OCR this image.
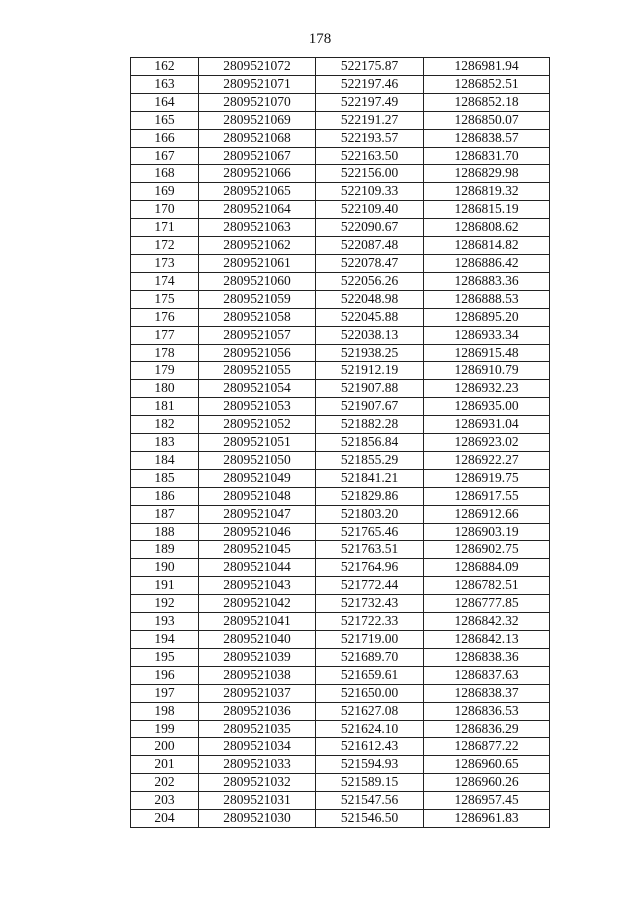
178
162	2809521072	522175.87	1286981.94
163	2809521071	522197.46	1286852.51
164	2809521070	522197.49	1286852.18
165	2809521069	522191.27	1286850.07
166	2809521068	522193.57	1286838.57
167	2809521067	522163.50	1286831.70
168	2809521066	522156.00	1286829.98
169	2809521065	522109.33	1286819.32
170	2809521064	522109.40	1286815.19
171	2809521063	522090.67	1286808.62
172	2809521062	522087.48	1286814.82
173	2809521061	522078.47	1286886.42
174	2809521060	522056.26	1286883.36
175	2809521059	522048.98	1286888.53
176	2809521058	522045.88	1286895.20
177	2809521057	522038.13	1286933.34
178	2809521056	521938.25	1286915.48
179	2809521055	521912.19	1286910.79
180	2809521054	521907.88	1286932.23
181	2809521053	521907.67	1286935.00
182	2809521052	521882.28	1286931.04
183	2809521051	521856.84	1286923.02
184	2809521050	521855.29	1286922.27
185	2809521049	521841.21	1286919.75
186	2809521048	521829.86	1286917.55
187	2809521047	521803.20	1286912.66
188	2809521046	521765.46	1286903.19
189	2809521045	521763.51	1286902.75
190	2809521044	521764.96	1286884.09
191	2809521043	521772.44	1286782.51
192	2809521042	521732.43	1286777.85
193	2809521041	521722.33	1286842.32
194	2809521040	521719.00	1286842.13
195	2809521039	521689.70	1286838.36
196	2809521038	521659.61	1286837.63
197	2809521037	521650.00	1286838.37
198	2809521036	521627.08	1286836.53
199	2809521035	521624.10	1286836.29
200	2809521034	521612.43	1286877.22
201	2809521033	521594.93	1286960.65
202	2809521032	521589.15	1286960.26
203	2809521031	521547.56	1286957.45
204	2809521030	521546.50	1286961.83
